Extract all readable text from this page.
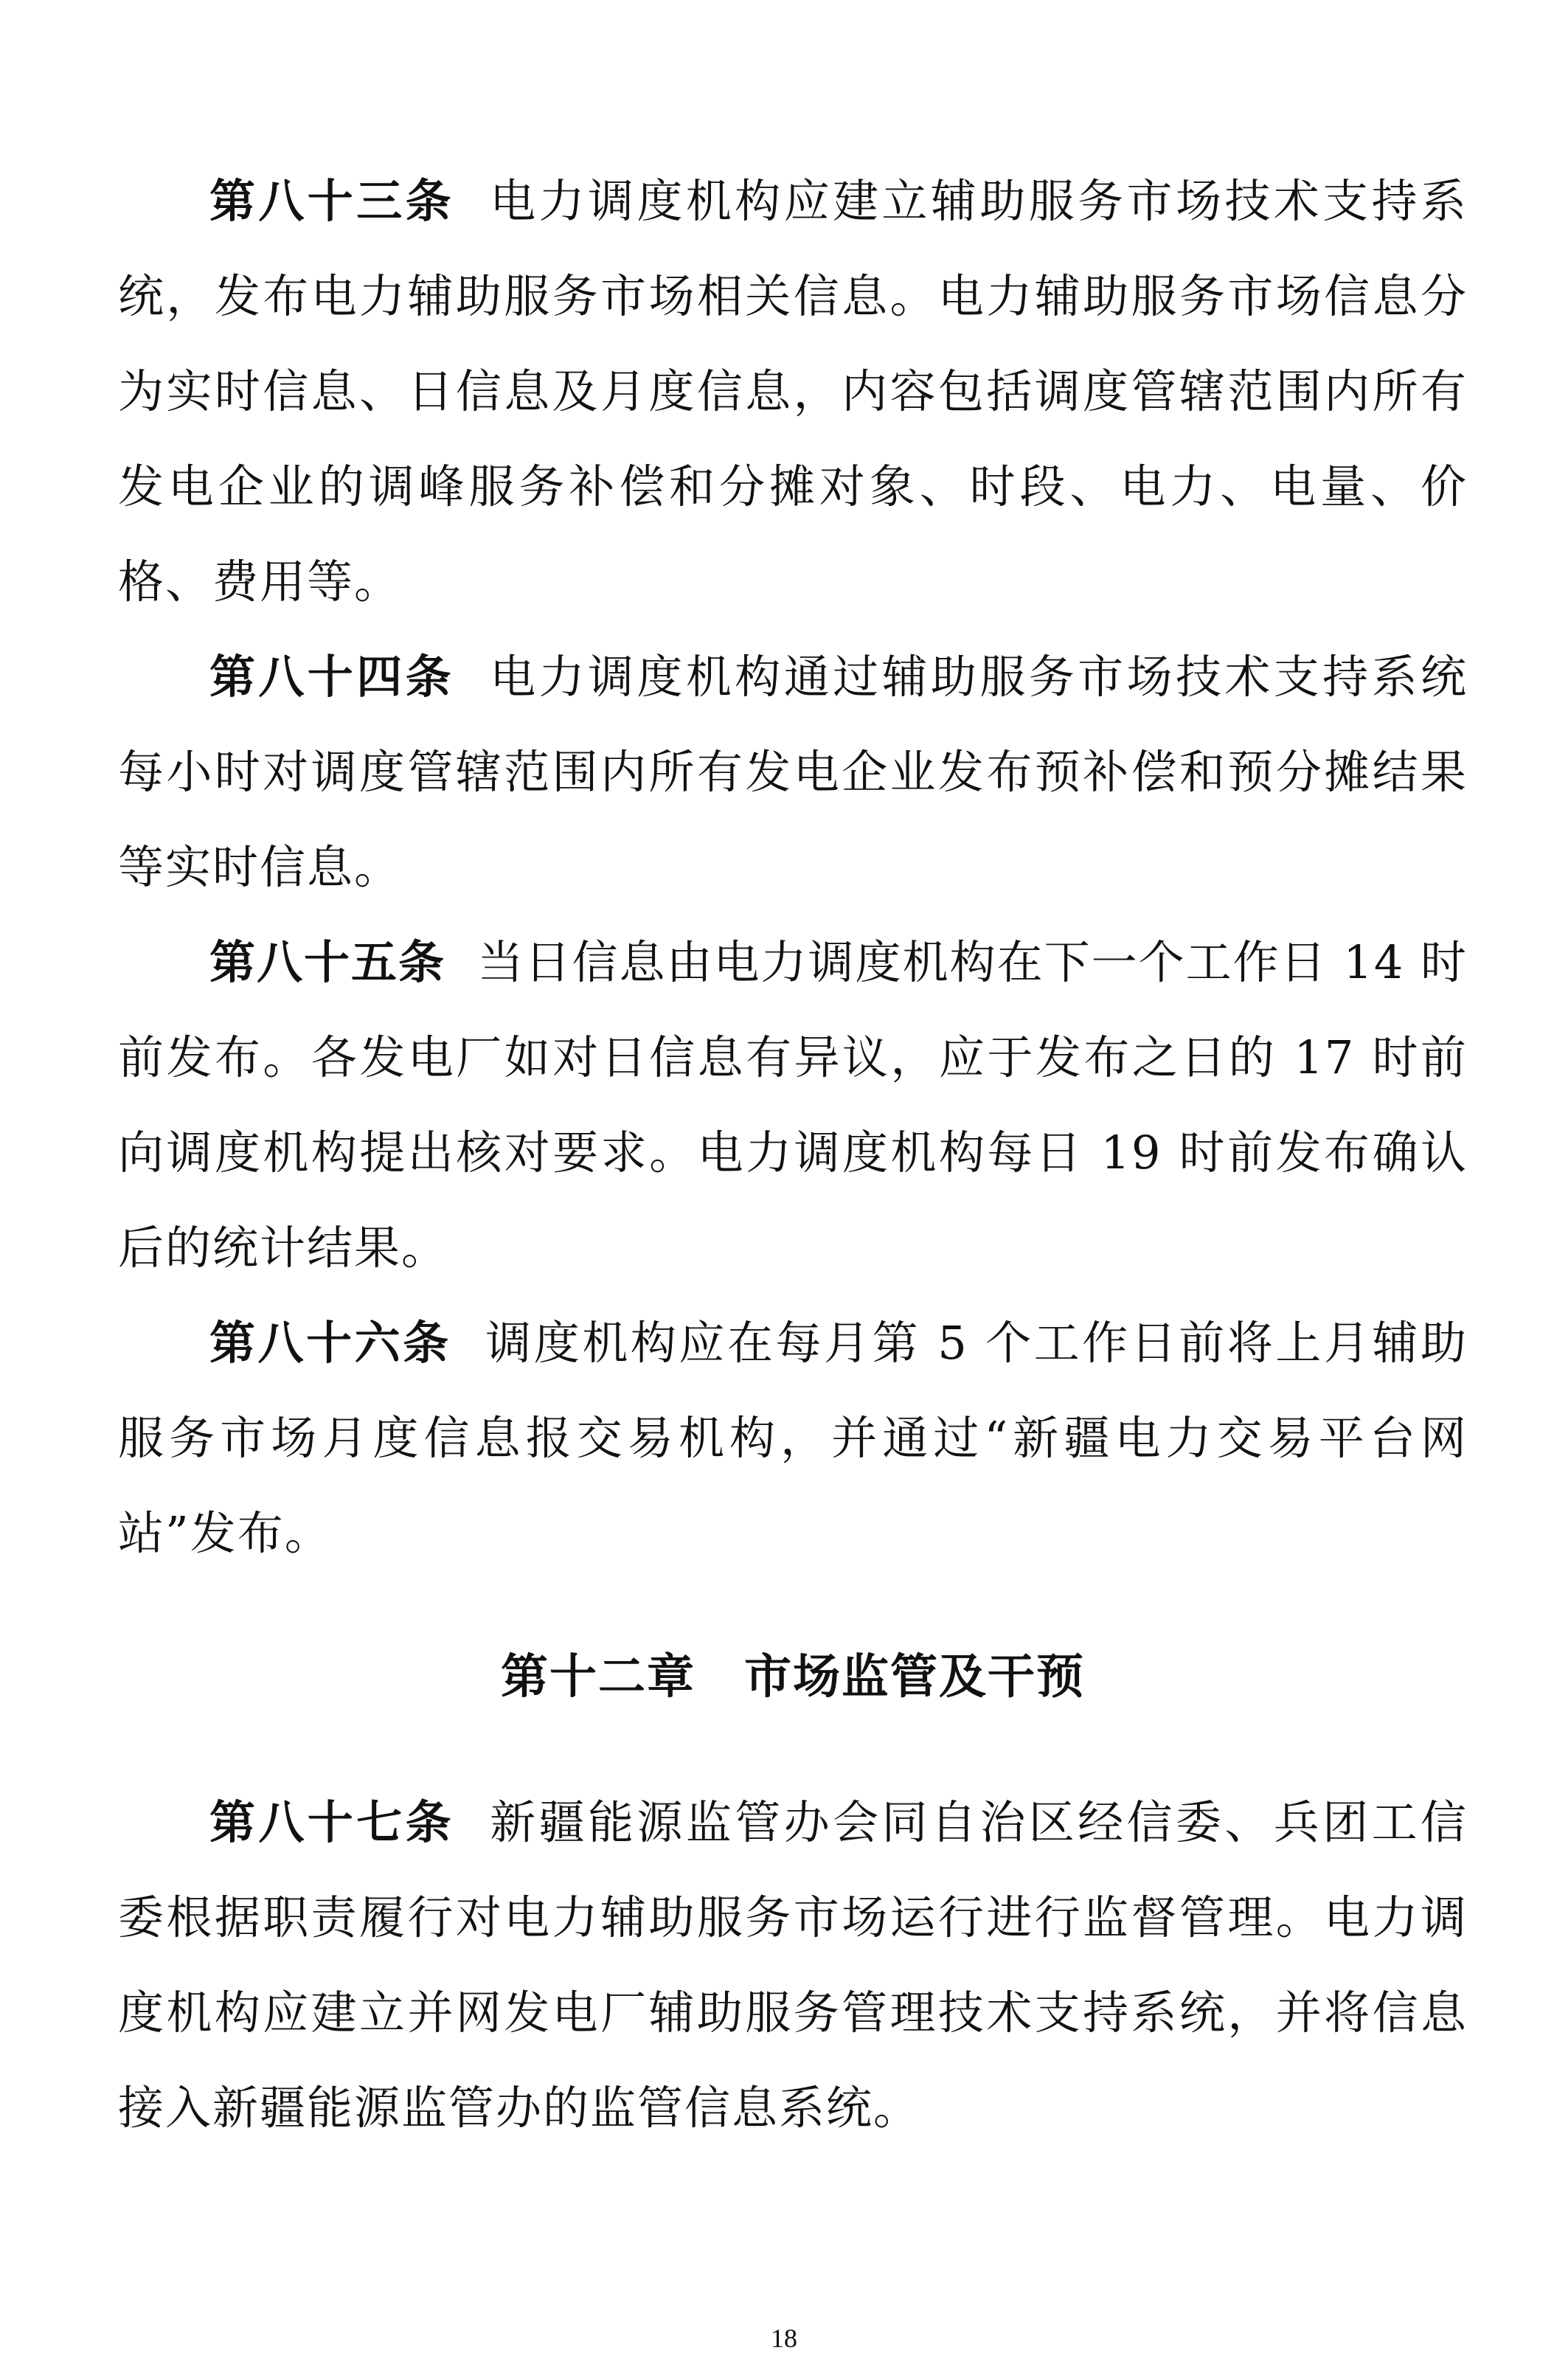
第八十三条 电力调度机构应建立辅助服务市场技术支持系统，发布电力辅助服务市场相关信息。电力辅助服务市场信息分为实时信息、日信息及月度信息，内容包括调度管辖范围内所有发电企业的调峰服务补偿和分摊对象、时段、电力、电量、价格、费用等。

第八十四条 电力调度机构通过辅助服务市场技术支持系统每小时对调度管辖范围内所有发电企业发布预补偿和预分摊结果等实时信息。

第八十五条 当日信息由电力调度机构在下一个工作日 14 时前发布。各发电厂如对日信息有异议，应于发布之日的 17 时前向调度机构提出核对要求。电力调度机构每日 19 时前发布确认后的统计结果。

第八十六条 调度机构应在每月第 5 个工作日前将上月辅助服务市场月度信息报交易机构，并通过“新疆电力交易平台网站”发布。

第十二章　市场监管及干预

第八十七条 新疆能源监管办会同自治区经信委、兵团工信委根据职责履行对电力辅助服务市场运行进行监督管理。电力调度机构应建立并网发电厂辅助服务管理技术支持系统，并将信息接入新疆能源监管办的监管信息系统。

18
